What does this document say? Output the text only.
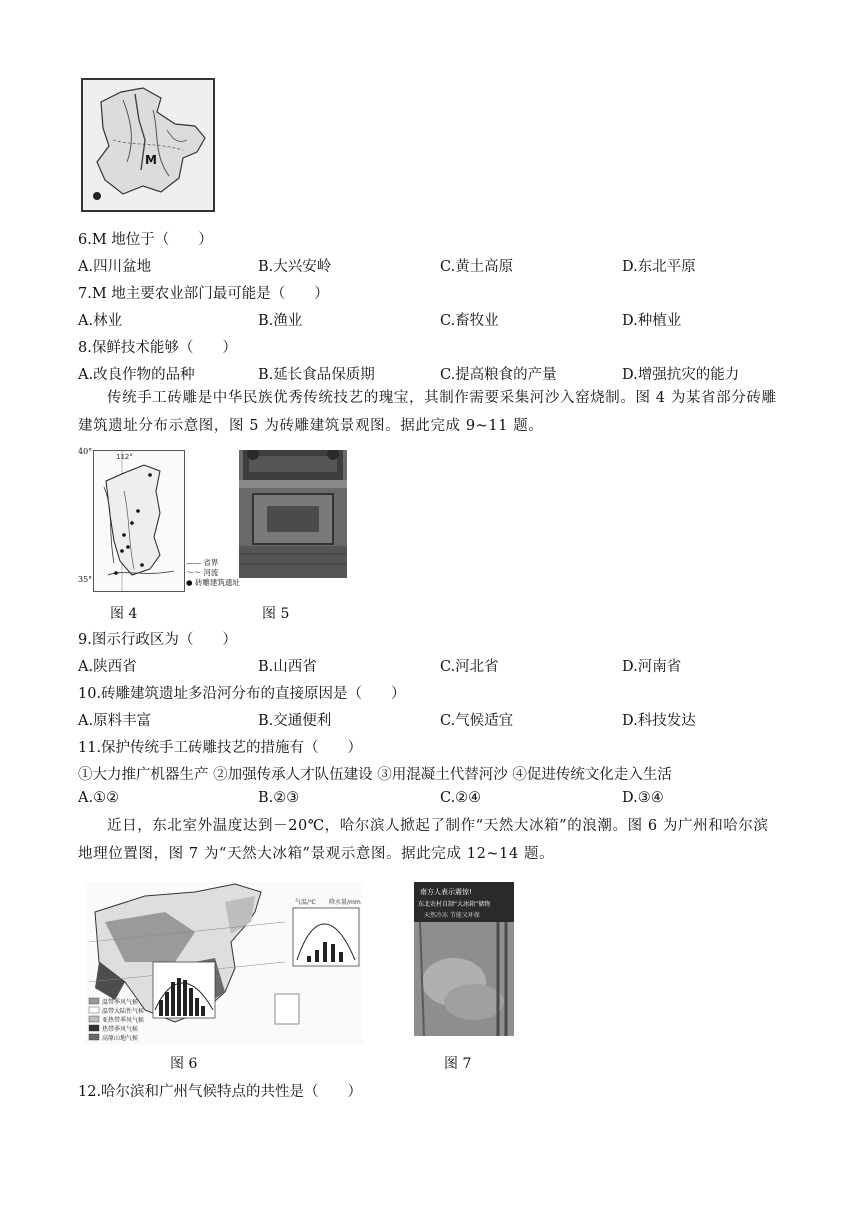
M
6.M 地位于（　　）
A.四川盆地	B.大兴安岭	C.黄土高原	D.东北平原
7.M 地主要农业部门最可能是（　　）
A.林业	B.渔业	C.畜牧业	D.种植业
8.保鲜技术能够（　　）
A.改良作物的品种	B.延长食品保质期	C.提高粮食的产量	D.增强抗灾的能力
传统手工砖雕是中华民族优秀传统技艺的瑰宝，其制作需要采集河沙入窑烧制。图 4 为某省部分砖雕建筑遗址分布示意图，图 5 为砖雕建筑景观图。据此完成 9~11 题。
112°
40°
35°
—— 省界
～～ 河流
● 砖雕建筑遗址
图 4	图 5
9.图示行政区为（　　）
A.陕西省	B.山西省	C.河北省	D.河南省
10.砖雕建筑遗址多沿河分布的直接原因是（　　）
A.原料丰富	B.交通便利	C.气候适宜	D.科技发达
11.保护传统手工砖雕技艺的措施有（　　）
①大力推广机器生产 ②加强传承人才队伍建设 ③用混凝土代替河沙 ④促进传统文化走入生活
A.①②	B.②③	C.②④	D.③④
近日，东北室外温度达到－20℃，哈尔滨人掀起了制作“天然大冰箱”的浪潮。图 6 为广州和哈尔滨地理位置图，图 7 为“天然大冰箱”景观示意图。据此完成 12~14 题。
气温/℃ 降水量/mm
温带季风气候
温带大陆性气候
亚热带季风气候
热带季风气候
高原山地气候
图 6
南方人表示震惊!
东北农村自制“大冰箱”储物
天然冷冻 节能又环保
图 7
12.哈尔滨和广州气候特点的共性是（　　）
